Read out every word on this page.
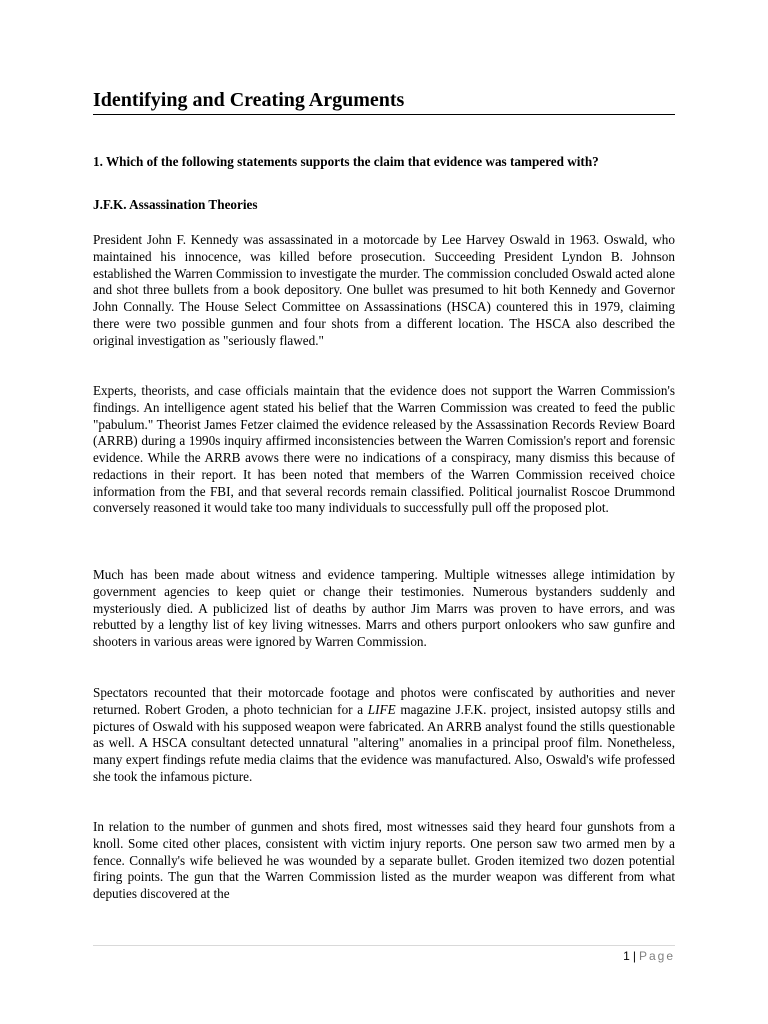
Identifying and Creating Arguments

1. Which of the following statements supports the claim that evidence was tampered with?

J.F.K. Assassination Theories

President John F. Kennedy was assassinated in a motorcade by Lee Harvey Oswald in 1963. Oswald, who maintained his innocence, was killed before prosecution. Succeeding President Lyndon B. Johnson established the Warren Commission to investigate the murder. The commission concluded Oswald acted alone and shot three bullets from a book depository. One bullet was presumed to hit both Kennedy and Governor John Connally. The House Select Committee on Assassinations (HSCA) countered this in 1979, claiming there were two possible gunmen and four shots from a different location. The HSCA also described the original investigation as "seriously flawed."

Experts, theorists, and case officials maintain that the evidence does not support the Warren Commission's findings. An intelligence agent stated his belief that the Warren Commission was created to feed the public "pabulum." Theorist James Fetzer claimed the evidence released by the Assassination Records Review Board (ARRB) during a 1990s inquiry affirmed inconsistencies between the Warren Comission's report and forensic evidence. While the ARRB avows there were no indications of a conspiracy, many dismiss this because of redactions in their report. It has been noted that members of the Warren Commission received choice information from the FBI, and that several records remain classified. Political journalist Roscoe Drummond conversely reasoned it would take too many individuals to successfully pull off the proposed plot.

Much has been made about witness and evidence tampering. Multiple witnesses allege intimidation by government agencies to keep quiet or change their testimonies. Numerous bystanders suddenly and mysteriously died. A publicized list of deaths by author Jim Marrs was proven to have errors, and was rebutted by a lengthy list of key living witnesses. Marrs and others purport onlookers who saw gunfire and shooters in various areas were ignored by Warren Commission.

Spectators recounted that their motorcade footage and photos were confiscated by authorities and never returned. Robert Groden, a photo technician for a LIFE magazine J.F.K. project, insisted autopsy stills and pictures of Oswald with his supposed weapon were fabricated. An ARRB analyst found the stills questionable as well. A HSCA consultant detected unnatural "altering" anomalies in a principal proof film. Nonetheless, many expert findings refute media claims that the evidence was manufactured. Also, Oswald's wife professed she took the infamous picture.

In relation to the number of gunmen and shots fired, most witnesses said they heard four gunshots from a knoll. Some cited other places, consistent with victim injury reports. One person saw two armed men by a fence. Connally's wife believed he was wounded by a separate bullet. Groden itemized two dozen potential firing points. The gun that the Warren Commission listed as the murder weapon was different from what deputies discovered at the

1 | Page
